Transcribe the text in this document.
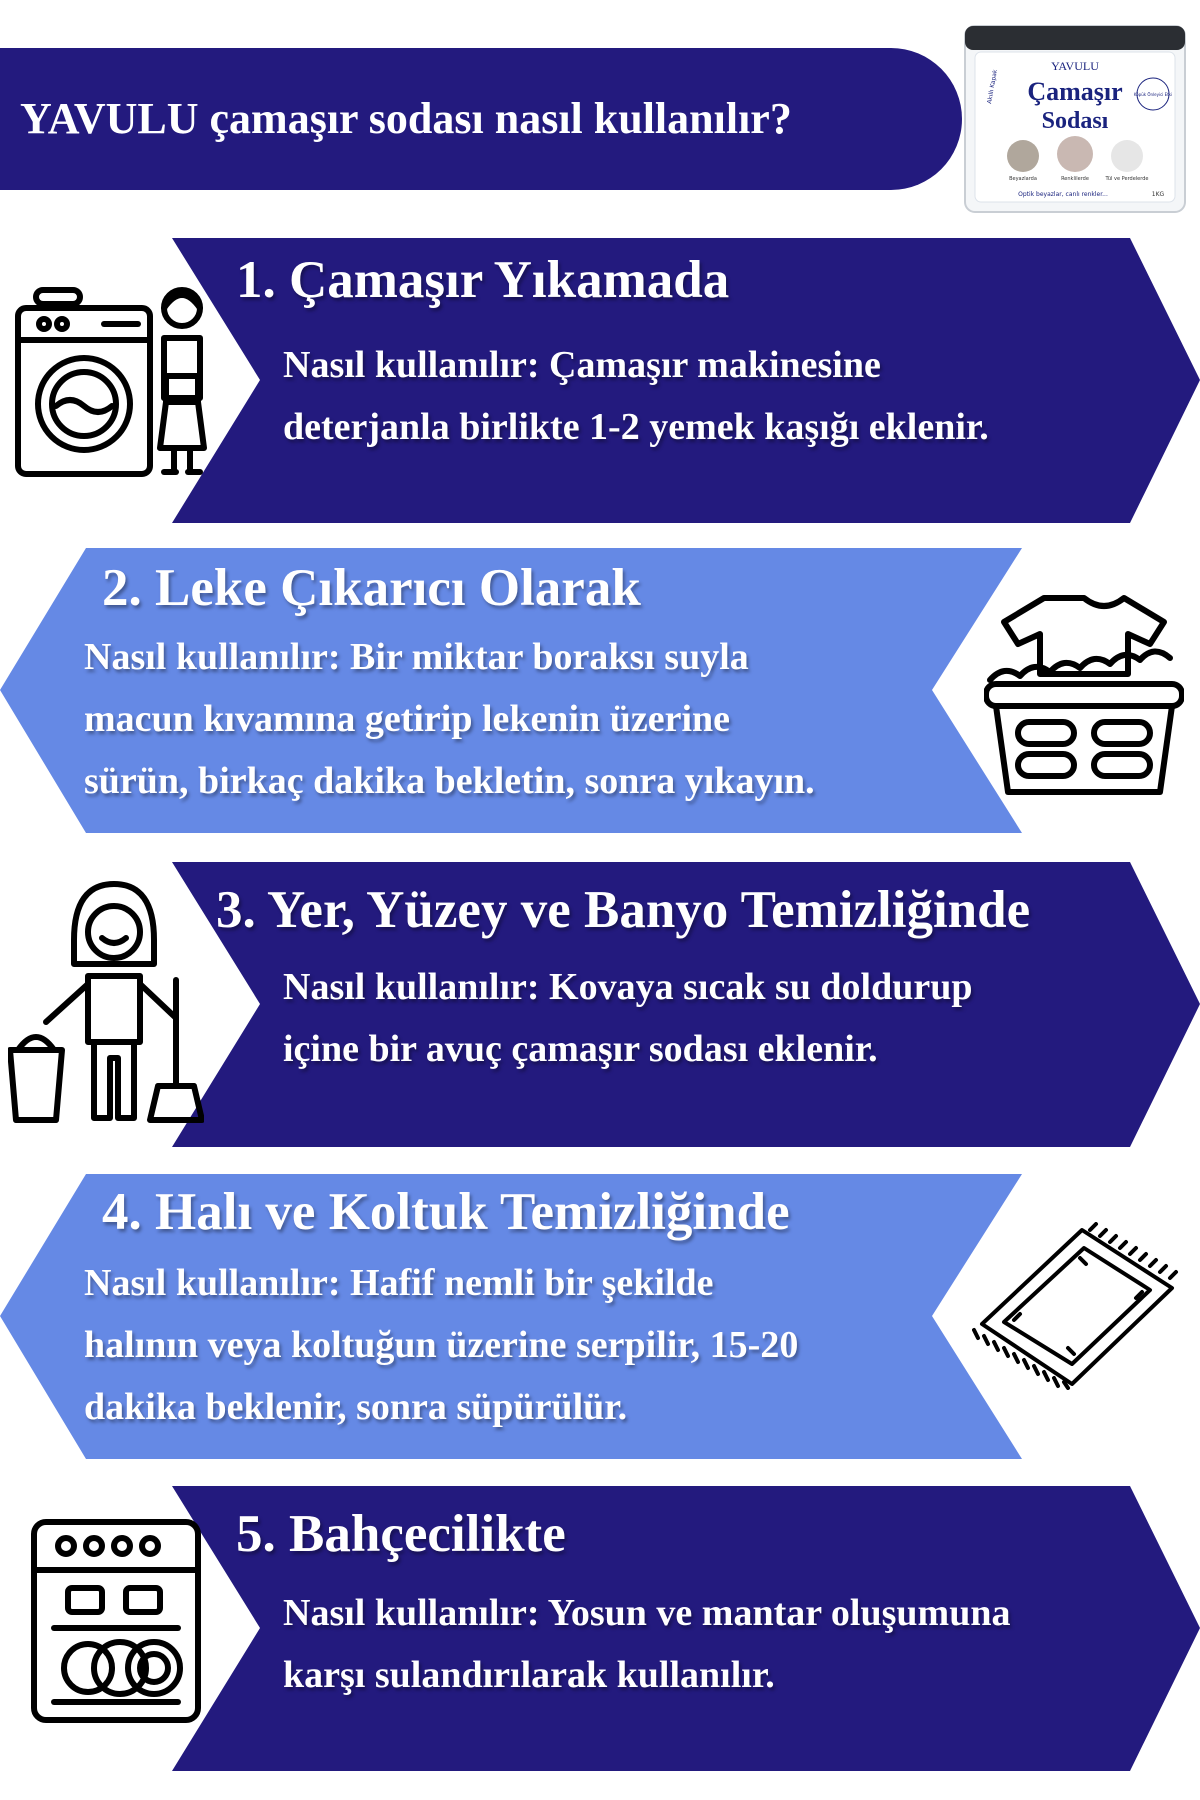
YAVULU çamaşır sodası nasıl kullanılır?
YAVULU
Çamaşır
Sodası
Akıllı Kapak	Köpük Önleyici Etki
Beyazlarda	Renklilerde	Tül ve Perdelerde
Optik beyazlar, canlı renkler...	1KG
1. Çamaşır Yıkamada
Nasıl kullanılır: Çamaşır makinesine
deterjanla birlikte 1-2 yemek kaşığı eklenir.
2. Leke Çıkarıcı Olarak
Nasıl kullanılır: Bir miktar boraksı suyla
macun kıvamına getirip lekenin üzerine
sürün, birkaç dakika bekletin, sonra yıkayın.
3. Yer, Yüzey ve Banyo Temizliğinde
Nasıl kullanılır: Kovaya sıcak su doldurup
içine bir avuç çamaşır sodası eklenir.
4. Halı ve Koltuk Temizliğinde
Nasıl kullanılır: Hafif nemli bir şekilde
halının veya koltuğun üzerine serpilir, 15-20
dakika beklenir, sonra süpürülür.
5. Bahçecilikte
Nasıl kullanılır: Yosun ve mantar oluşumuna
karşı sulandırılarak kullanılır.
